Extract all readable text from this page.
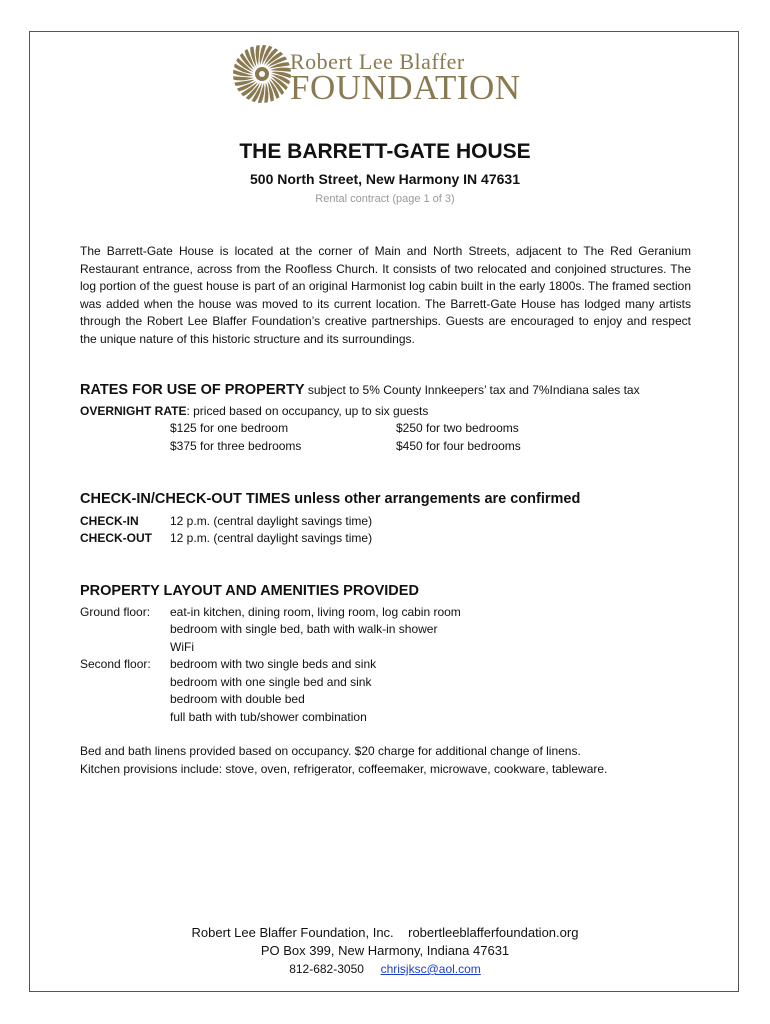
Robert Lee Blaffer
FOUNDATION
THE BARRETT-GATE HOUSE
500 North Street, New Harmony IN 47631
Rental contract (page 1 of 3)

The Barrett-Gate House is located at the corner of Main and North Streets, adjacent to The Red Geranium Restaurant entrance, across from the Roofless Church. It consists of two relocated and conjoined structures. The log portion of the guest house is part of an original Harmonist log cabin built in the early 1800s. The framed section was added when the house was moved to its current location. The Barrett-Gate House has lodged many artists through the Robert Lee Blaffer Foundation’s creative partnerships. Guests are encouraged to enjoy and respect the unique nature of this historic structure and its surroundings.

RATES FOR USE OF PROPERTY subject to 5% County Innkeepers’ tax and 7%Indiana sales tax
OVERNIGHT RATE: priced based on occupancy, up to six guests
$125 for one bedroom	$250 for two bedrooms
$375 for three bedrooms	$450 for four bedrooms
CHECK-IN/CHECK-OUT TIMES unless other arrangements are confirmed
CHECK-IN	12 p.m. (central daylight savings time)
CHECK-OUT 12 p.m. (central daylight savings time)
PROPERTY LAYOUT AND AMENITIES PROVIDED
Ground floor: eat-in kitchen, dining room, living room, log cabin room
bedroom with single bed, bath with walk-in shower
WiFi
Second floor: bedroom with two single beds and sink
bedroom with one single bed and sink
bedroom with double bed
full bath with tub/shower combination
Bed and bath linens provided based on occupancy. $20 charge for additional change of linens.
Kitchen provisions include: stove, oven, refrigerator, coffeemaker, microwave, cookware, tableware.
Robert Lee Blaffer Foundation, Inc. robertleeblafferfoundation.org
PO Box 399, New Harmony, Indiana 47631
812-682-3050 chrisjksc@aol.com
